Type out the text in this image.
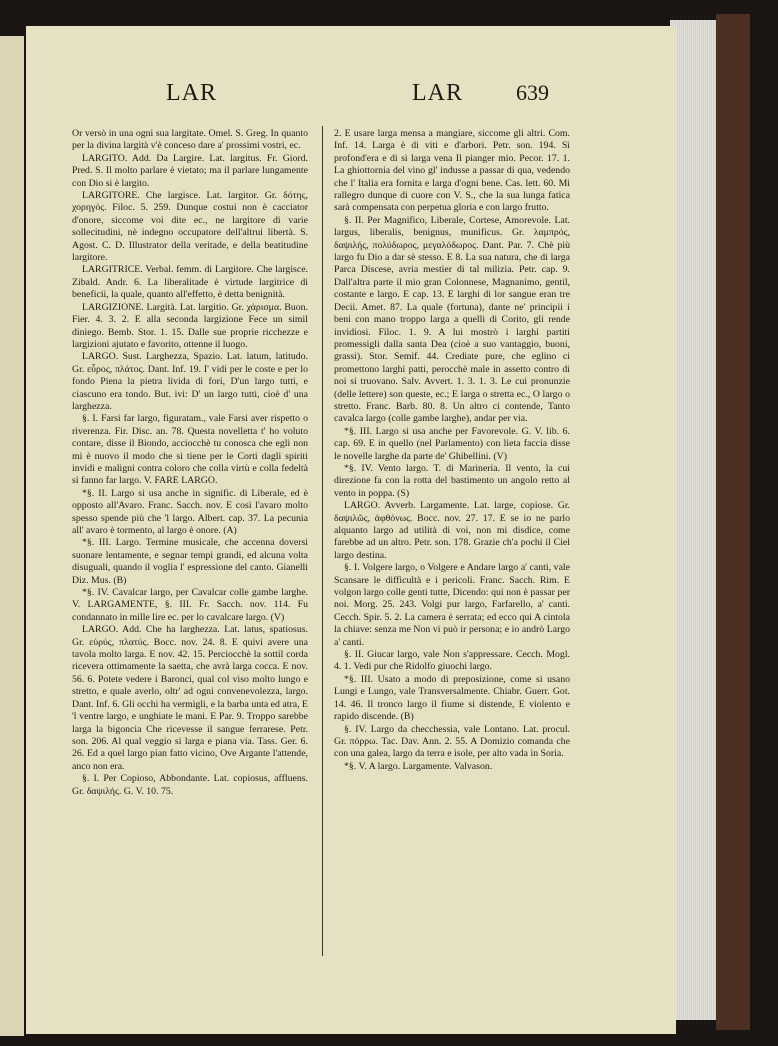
LAR	LAR 639

Or versò in una ogni sua largitate. Omel. S. Greg. In quanto per la divina largità v'è conceso dare a' prossimi vostri, ec.

LARGITO. Add. Da Largire. Lat. largitus. Fr. Giord. Pred. S. Il molto parlare è vietato; ma il parlare lungamente con Dio si è largito.

LARGITORE. Che largisce. Lat. largitor. Gr. δότης, χορηγός. Filoc. 5. 259. Dunque costui non è cacciator d'onore, siccome voi dite ec., ne largitore di varie sollecitudini, nè indegno occupatore dell'altrui libertà. S. Agost. C. D. Illustrator della veritade, e della beatitudine largitore.

LARGITRICE. Verbal. femm. di Largitore. Che largisce. Zibald. Andr. 6. La liberalitade è virtude largitrice di beneficii, la quale, quanto all'effetto, è detta benignità.

LARGIZIONE. Largità. Lat. largitio. Gr. χάρισμα. Buon. Fier. 4. 3. 2. E alla seconda largizione Fece un simil diniego. Bemb. Stor. 1. 15. Dalle sue proprie ricchezze e largizioni ajutato e favorito, ottenne il luogo.

LARGO. Sust. Larghezza, Spazio. Lat. latum, latitudo. Gr. εὖρος, πλάτος. Dant. Inf. 19. I' vidi per le coste e per lo fondo Piena la pietra livida di fori, D'un largo tutti, e ciascuno era tondo. But. ivi: D' un largo tutti, cioè d' una larghezza.

§. I. Farsi far largo, figuratam., vale Farsi aver rispetto o riverenza. Fir. Disc. an. 78. Questa novelletta t' ho voluto contare, disse il Biondo, acciocchè tu conosca che egli non mi è nuovo il modo che si tiene per le Corti dagli spiriti invidi e maligni contra coloro che colla virtù e colla fedeltà si fanno far largo. V. FARE LARGO.

*§. II. Largo si usa anche in signific. di Liberale, ed è opposto all'Avaro. Franc. Sacch. nov. E così l'avaro molto spesso spende più che 'l largo. Albert. cap. 37. La pecunia all' avaro è tormento, al largo è onore. (A)

*§. III. Largo. Termine musicale, che accenna doversi suonare lentamente, e segnar tempi grandi, ed alcuna volta disuguali, quando il voglia l' espressione del canto. Gianelli Diz. Mus. (B)

*§. IV. Cavalcar largo, per Cavalcar colle gambe larghe. V. LARGAMENTE, §. III. Fr. Sacch. nov. 114. Fu condannato in mille lire ec. per lo cavalcare largo. (V)

LARGO. Add. Che ha larghezza. Lat. latus, spatiosus. Gr. εὐρύς, πλατύς. Bocc. nov. 24. 8. E quivi avere una tavola molto larga. E nov. 42. 15. Perciocchè la sottil corda ricevera ottimamente la saetta, che avrà larga cocca. E nov. 56. 6. Potete vedere i Baronci, qual col viso molto lungo e stretto, e quale averlo, oltr' ad ogni convenevolezza, largo. Dant. Inf. 6. Gli occhi ha vermigli, e la barba unta ed atra, E 'l ventre largo, e unghiate le mani. E Par. 9. Troppo sarebbe larga la bigoncia Che ricevesse il sangue ferrarese. Petr. son. 206. Al qual veggio si larga e piana via. Tass. Ger. 6. 26. Ed a quel largo pian fatto vicino, Ove Argante l'attende, anco non era.

§. I. Per Copioso, Abbondante. Lat. copiosus, affluens. Gr. δαψιλής. G. V. 10. 75.

2. E usare larga mensa a mangiare, siccome gli altri. Com. Inf. 14. Larga è di viti e d'arbori. Petr. son. 194. Sì profond'era e di sì larga vena Il pianger mio. Pecor. 17. 1. La ghiottornia del vino gl' indusse a passar di qua, vedendo che l' Italia era fornita e larga d'ogni bene. Cas. lett. 60. Mi rallegro dunque di cuore con V. S., che la sua lunga fatica sarà compensata con perpetua gloria e con largo frutto.

§. II. Per Magnifico, Liberale, Cortese, Amorevole. Lat. largus, liberalis, benignus, munificus. Gr. λαμπρός, δαψιλής, πολύδωρος, μεγαλόδωρος. Dant. Par. 7. Chè più largo fu Dio a dar sè stesso. E 8. La sua natura, che di larga Parca Discese, avria mestier di tal milizia. Petr. cap. 9. Dall'altra parte il mio gran Colonnese, Magnanimo, gentil, costante e largo. E cap. 13. E larghi di lor sangue eran tre Decii. Amet. 87. La quale (fortuna), dante ne' principii i beni con mano troppo larga a quelli di Corito, gli rende invidiosi. Filoc. 1. 9. A lui mostrò i larghi partiti promessigli dalla santa Dea (cioè a suo vantaggio, buoni, grassi). Stor. Semif. 44. Crediate pure, che eglino ci promettono larghi patti, perocchè male in assetto contro di noi si truovano. Salv. Avvert. 1. 3. 1. 3. Le cui pronunzie (delle lettere) son queste, ec.; E larga o stretta ec., O largo o stretto. Franc. Barb. 80. 8. Un altro ci contende, Tanto cavalca largo (colle gambe larghe), andar per via.

*§. III. Largo si usa anche per Favorevole. G. V. lib. 6. cap. 69. E in quello (nel Parlamento) con lieta faccia disse le novelle larghe da parte de' Ghibellini. (V)

*§. IV. Vento largo. T. di Marineria. Il vento, la cui direzione fa con la rotta del bastimento un angolo retto al vento in poppa. (S)

LARGO. Avverb. Largamente. Lat. large, copiose. Gr. δαψιλῶς, ἀφθόνως. Bocc. nov. 27. 17. E se io ne parlo alquanto largo ad utilità di voi, non mi disdice, come farebbe ad un altro. Petr. son. 178. Grazie ch'a pochi il Ciel largo destina.

§. I. Volgere largo, o Volgere e Andare largo a' canti, vale Scansare le difficultà e i pericoli. Franc. Sacch. Rim. E volgon largo colle genti tutte, Dicendo: qui non è passar per noi. Morg. 25. 243. Volgi pur largo, Farfarello, a' canti. Cecch. Spir. 5. 2. La camera è serrata; ed ecco qui A cintola la chiave: senza me Non vi può ir persona; e io andrò Largo a' canti.

§. II. Giucar largo, vale Non s'appressare. Cecch. Mogl. 4. 1. Vedi pur che Ridolfo giuochi largo.

*§. III. Usato a modo di preposizione, come si usano Lungi e Lungo, vale Transversalmente. Chiabr. Guerr. Got. 14. 46. Il tronco largo il fiume si distende, E violento e rapido discende. (B)

§. IV. Largo da checchessia, vale Lontano. Lat. procul. Gr. πόρρω. Tac. Dav. Ann. 2. 55. A Domizio comanda che con una galea, largo da terra e isole, per alto vada in Soria.

*§. V. A largo. Largamente. Valvason.
